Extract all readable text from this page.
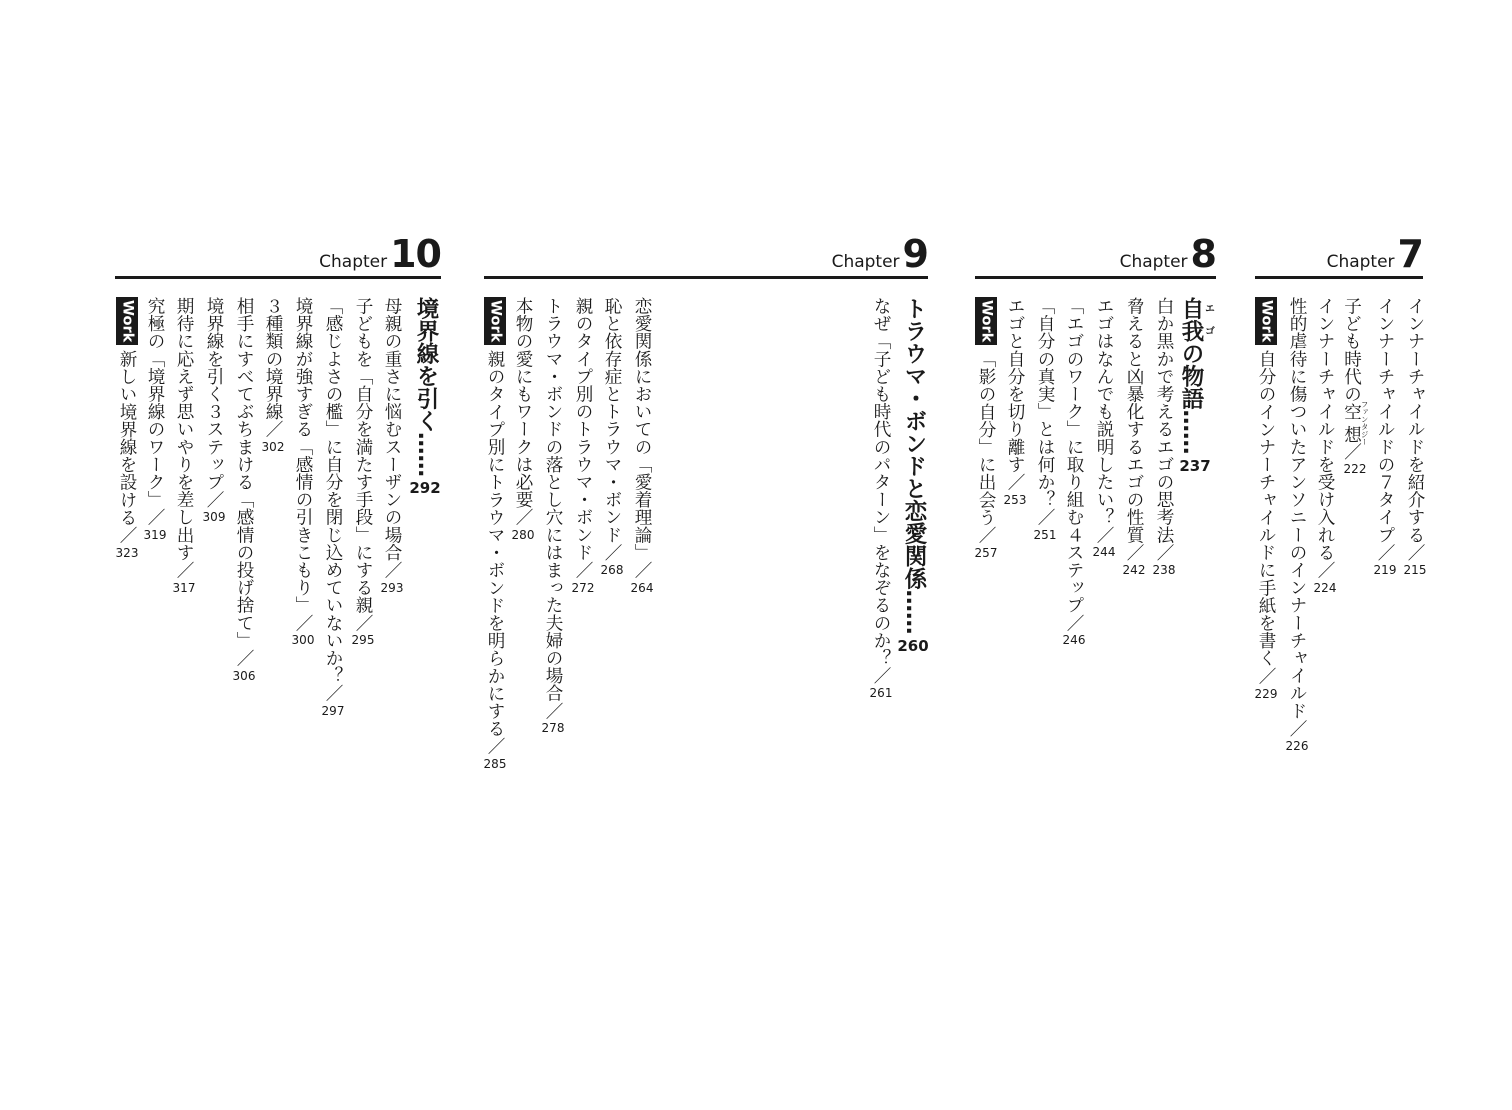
Chapter7
インナーチャイルドを紹介する／
215
インナーチャイルドの７タイプ／
219
子ども時代の空想ファンタジー／
222
インナーチャイルドを受け入れる／
224
性的虐待に傷ついたアンソニーのインナーチャイルド／
226
Work
自分のインナーチャイルドに手紙を書く／
229
Chapter8
自我エゴの物語……
237
白か黒かで考えるエゴの思考法／
238
脅えると凶暴化するエゴの性質／
242
エゴはなんでも説明したい？／
244
「エゴのワーク」に取り組む４ステップ／
246
「自分の真実」とは何か？／
251
エゴと自分を切り離す／
253
Work
「影の自分」に出会う／
257
Chapter9
トラウマ・ボンドと恋愛関係……
260
なぜ「子ども時代のパターン」をなぞるのか？／
261
恋愛関係においての「愛着理論」／
264
恥と依存症とトラウマ・ボンド／
268
親のタイプ別のトラウマ・ボンド／
272
トラウマ・ボンドの落とし穴にはまった夫婦の場合／
278
本物の愛にもワークは必要／
280
Work
親のタイプ別にトラウマ・ボンドを明らかにする／
285
Chapter10
境界線を引く……
292
母親の重さに悩むスーザンの場合／
293
子どもを「自分を満たす手段」にする親／
295
「感じよさの檻」に自分を閉じ込めていないか？／
297
境界線が強すぎる「感情の引きこもり」／
300
３種類の境界線／
302
相手にすべてぶちまける「感情の投げ捨て」／
306
境界線を引く３ステップ／
309
期待に応えず思いやりを差し出す／
317
究極の「境界線のワーク」／
319
Work
新しい境界線を設ける／
323
